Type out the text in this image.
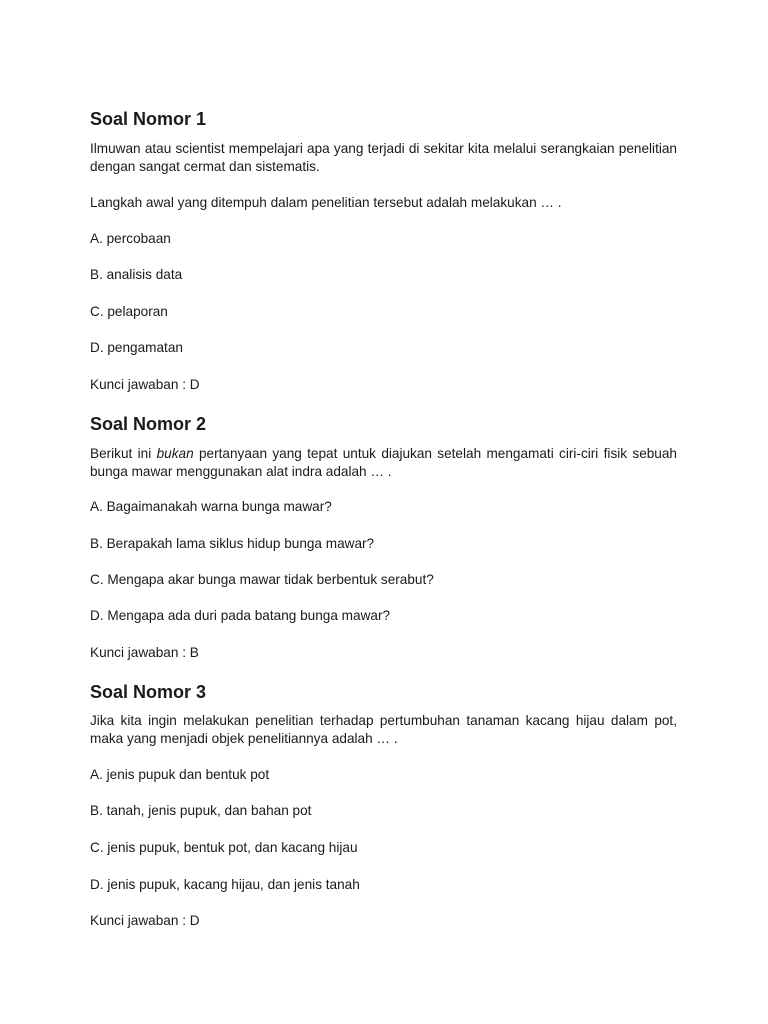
Soal Nomor 1

Ilmuwan atau scientist mempelajari apa yang terjadi di sekitar kita melalui serangkaian penelitian dengan sangat cermat dan sistematis.

Langkah awal yang ditempuh dalam penelitian tersebut adalah melakukan … .

A. percobaan

B. analisis data

C. pelaporan

D. pengamatan

Kunci jawaban : D

Soal Nomor 2

Berikut ini bukan pertanyaan yang tepat untuk diajukan setelah mengamati ciri-ciri fisik sebuah bunga mawar menggunakan alat indra adalah … .

A. Bagaimanakah warna bunga mawar?

B. Berapakah lama siklus hidup bunga mawar?

C. Mengapa akar bunga mawar tidak berbentuk serabut?

D. Mengapa ada duri pada batang bunga mawar?

Kunci jawaban : B

Soal Nomor 3

Jika kita ingin melakukan penelitian terhadap pertumbuhan tanaman kacang hijau dalam pot, maka yang menjadi objek penelitiannya adalah … .

A. jenis pupuk dan bentuk pot

B. tanah, jenis pupuk, dan bahan pot

C. jenis pupuk, bentuk pot, dan kacang hijau

D. jenis pupuk, kacang hijau, dan jenis tanah

Kunci jawaban : D
